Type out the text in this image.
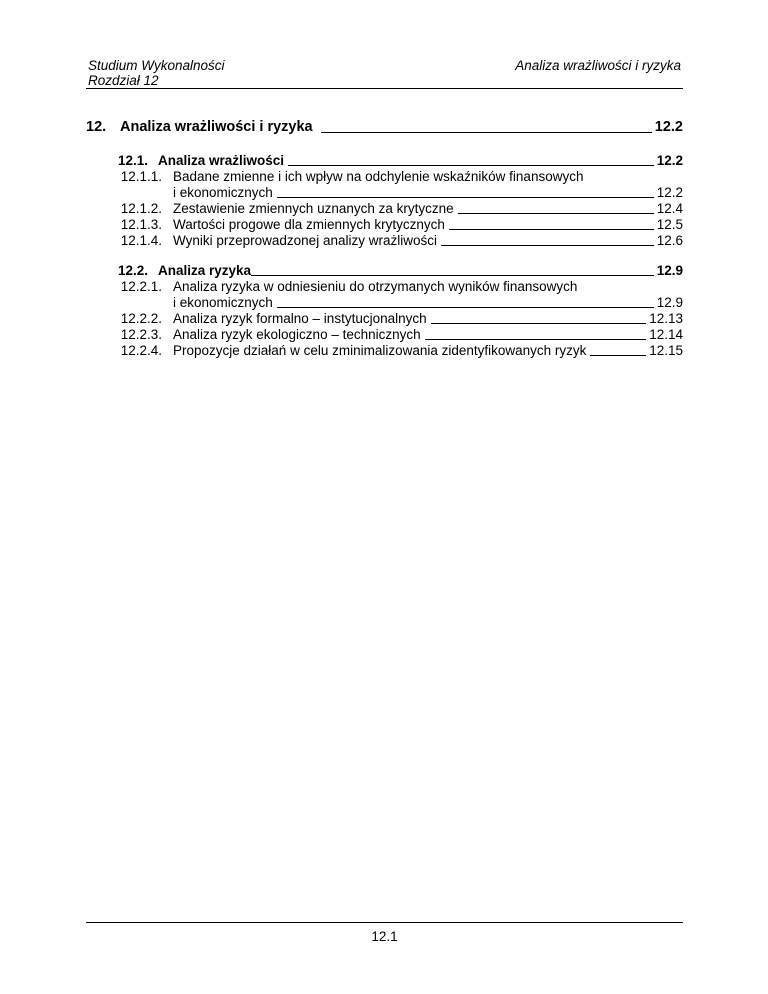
Studium Wykonalności
Rozdział 12
Analiza wrażliwości i ryzyka
12. Analiza wrażliwości i ryzyka	12.2
12.1. Analiza wrażliwości	12.2
12.1.1. Badane zmienne i ich wpływ na odchylenie wskaźników finansowych
i ekonomicznych	12.2
12.1.2. Zestawienie zmiennych uznanych za krytyczne	12.4
12.1.3. Wartości progowe dla zmiennych krytycznych	12.5
12.1.4. Wyniki przeprowadzonej analizy wrażliwości	12.6
12.2. Analiza ryzyka	12.9
12.2.1. Analiza ryzyka w odniesieniu do otrzymanych wyników finansowych
i ekonomicznych	12.9
12.2.2. Analiza ryzyk formalno – instytucjonalnych	12.13
12.2.3. Analiza ryzyk ekologiczno – technicznych	12.14
12.2.4. Propozycje działań w celu zminimalizowania zidentyfikowanych ryzyk	12.15
12.1
